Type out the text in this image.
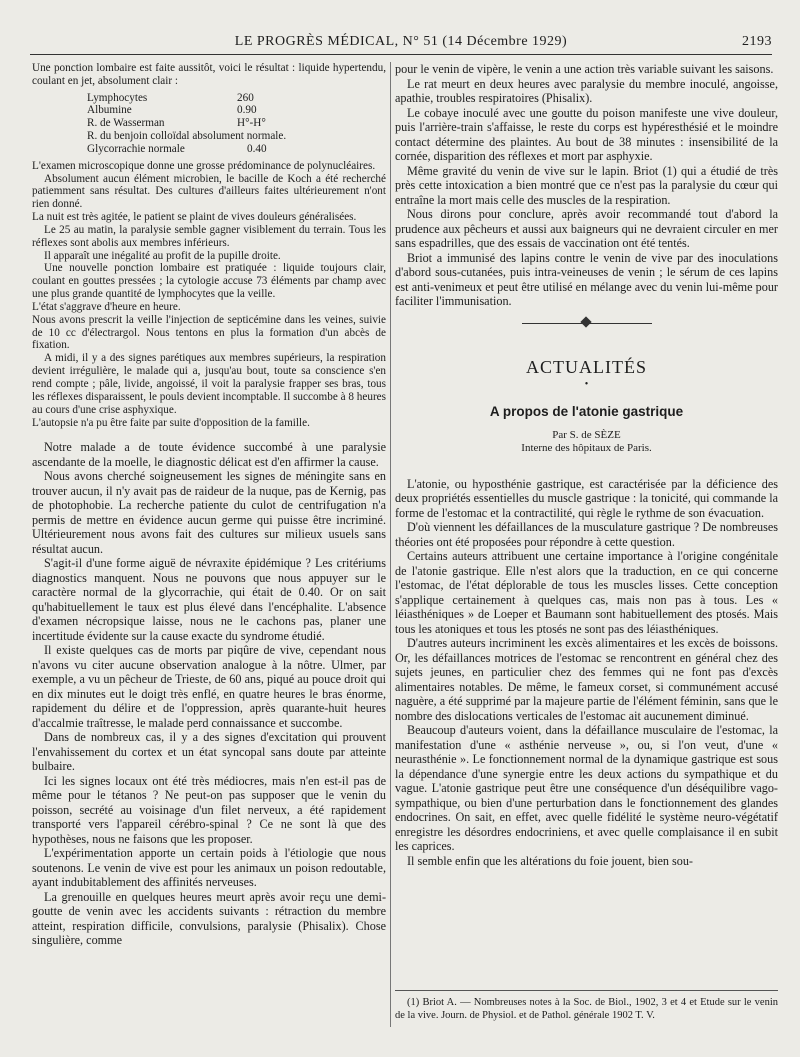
LE PROGRÈS MÉDICAL, N° 51 (14 Décembre 1929)	2193

Une ponction lombaire est faite aussitôt, voici le résultat : liquide hypertendu, coulant en jet, absolument clair :

Lymphocytes	260
Albumine	0.90
R. de Wasserman	H°-H°
R. du benjoin colloïdal absolument normale.
Glycorrachie normale	0.40

L'examen microscopique donne une grosse prédominance de polynucléaires.

Absolument aucun élément microbien, le bacille de Koch a été recherché patiemment sans résultat. Des cultures d'ailleurs faites ultérieurement n'ont rien donné.

La nuit est très agitée, le patient se plaint de vives douleurs généralisées.

Le 25 au matin, la paralysie semble gagner visiblement du terrain. Tous les réflexes sont abolis aux membres inférieurs.

Il apparaît une inégalité au profit de la pupille droite.

Une nouvelle ponction lombaire est pratiquée : liquide toujours clair, coulant en gouttes pressées ; la cytologie accuse 73 éléments par champ avec une plus grande quantité de lymphocytes que la veille.

L'état s'aggrave d'heure en heure.

Nous avons prescrit la veille l'injection de septicémine dans les veines, suivie de 10 cc d'électrargol. Nous tentons en plus la formation d'un abcès de fixation.

A midi, il y a des signes parétiques aux membres supérieurs, la respiration devient irrégulière, le malade qui a, jusqu'au bout, toute sa conscience s'en rend compte ; pâle, livide, angoissé, il voit la paralysie frapper ses bras, tous les réflexes disparaissent, le pouls devient incomptable. Il succombe à 8 heures au cours d'une crise asphyxique.

L'autopsie n'a pu être faite par suite d'opposition de la famille.

Notre malade a de toute évidence succombé à une paralysie ascendante de la moelle, le diagnostic délicat est d'en affirmer la cause.

Nous avons cherché soigneusement les signes de méningite sans en trouver aucun, il n'y avait pas de raideur de la nuque, pas de Kernig, pas de photophobie. La recherche patiente du culot de centrifugation n'a permis de mettre en évidence aucun germe qui puisse être incriminé. Ultérieurement nous avons fait des cultures sur milieux usuels sans résultat aucun.

S'agit-il d'une forme aiguë de névraxite épidémique ? Les critériums diagnostics manquent. Nous ne pouvons que nous appuyer sur le caractère normal de la glycorrachie, qui était de 0.40. Or on sait qu'habituellement le taux est plus élevé dans l'encéphalite. L'absence d'examen nécropsique laisse, nous ne le cachons pas, planer une incertitude évidente sur la cause exacte du syndrome étudié.

Il existe quelques cas de morts par piqûre de vive, cependant nous n'avons vu citer aucune observation analogue à la nôtre. Ulmer, par exemple, a vu un pêcheur de Trieste, de 60 ans, piqué au pouce droit qui en dix minutes eut le doigt très enflé, en quatre heures le bras énorme, rapidement du délire et de l'oppression, après quarante-huit heures d'accalmie traîtresse, le malade perd connaissance et succombe.

Dans de nombreux cas, il y a des signes d'excitation qui prouvent l'envahissement du cortex et un état syncopal sans doute par atteinte bulbaire.

Ici les signes locaux ont été très médiocres, mais n'en est-il pas de même pour le tétanos ? Ne peut-on pas supposer que le venin du poisson, secrété au voisinage d'un filet nerveux, a été rapidement transporté vers l'appareil cérébro-spinal ? Ce ne sont là que des hypothèses, nous ne faisons que les proposer.

L'expérimentation apporte un certain poids à l'étiologie que nous soutenons. Le venin de vive est pour les animaux un poison redoutable, ayant indubitablement des affinités nerveuses.

La grenouille en quelques heures meurt après avoir reçu une demi-goutte de venin avec les accidents suivants : rétraction du membre atteint, respiration difficile, convulsions, paralysie (Phisalix). Chose singulière, comme

pour le venin de vipère, le venin a une action très variable suivant les saisons.

Le rat meurt en deux heures avec paralysie du membre inoculé, angoisse, apathie, troubles respiratoires (Phisalix).

Le cobaye inoculé avec une goutte du poison manifeste une vive douleur, puis l'arrière-train s'affaisse, le reste du corps est hypéresthésié et le moindre contact détermine des plaintes. Au bout de 38 minutes : insensibilité de la cornée, disparition des réflexes et mort par asphyxie.

Même gravité du venin de vive sur le lapin. Briot (1) qui a étudié de très près cette intoxication a bien montré que ce n'est pas la paralysie du cœur qui entraîne la mort mais celle des muscles de la respiration.

Nous dirons pour conclure, après avoir recommandé tout d'abord la prudence aux pêcheurs et aussi aux baigneurs qui ne devraient circuler en mer sans espadrilles, que des essais de vaccination ont été tentés.

Briot a immunisé des lapins contre le venin de vive par des inoculations d'abord sous-cutanées, puis intra-veineuses de venin ; le sérum de ces lapins est anti-venimeux et peut être utilisé en mélange avec du venin lui-même pour faciliter l'immunisation.

ACTUALITÉS
•
A propos de l'atonie gastrique
Par S. de SÈZE
Interne des hôpitaux de Paris.

L'atonie, ou hyposthénie gastrique, est caractérisée par la déficience des deux propriétés essentielles du muscle gastrique : la tonicité, qui commande la forme de l'estomac et la contractilité, qui règle le rythme de son évacuation.

D'où viennent les défaillances de la musculature gastrique ? De nombreuses théories ont été proposées pour répondre à cette question.

Certains auteurs attribuent une certaine importance à l'origine congénitale de l'atonie gastrique. Elle n'est alors que la traduction, en ce qui concerne l'estomac, de l'état déplorable de tous les muscles lisses. Cette conception s'applique certainement à quelques cas, mais non pas à tous. Les « léiasthéniques » de Loeper et Baumann sont habituellement des ptosés. Mais tous les atoniques et tous les ptosés ne sont pas des léiasthéniques.

D'autres auteurs incriminent les excès alimentaires et les excès de boissons. Or, les défaillances motrices de l'estomac se rencontrent en général chez des sujets jeunes, en particulier chez des femmes qui ne font pas d'excès alimentaires notables. De même, le fameux corset, si communément accusé naguère, a été supprimé par la majeure partie de l'élément féminin, sans que le nombre des dislocations verticales de l'estomac ait aucunement diminué.

Beaucoup d'auteurs voient, dans la défaillance musculaire de l'estomac, la manifestation d'une « asthénie nerveuse », ou, si l'on veut, d'une « neurasthénie ». Le fonctionnement normal de la dynamique gastrique est sous la dépendance d'une synergie entre les deux actions du sympathique et du vague. L'atonie gastrique peut être une conséquence d'un déséquilibre vago-sympathique, ou bien d'une perturbation dans le fonctionnement des glandes endocrines. On sait, en effet, avec quelle fidélité le système neuro-végétatif enregistre les désordres endocriniens, et avec quelle complaisance il en subit les caprices.

Il semble enfin que les altérations du foie jouent, bien sou-

(1) Briot A. — Nombreuses notes à la Soc. de Biol., 1902, 3 et 4 et Etude sur le venin de la vive. Journ. de Physiol. et de Pathol. générale 1902 T. V.
